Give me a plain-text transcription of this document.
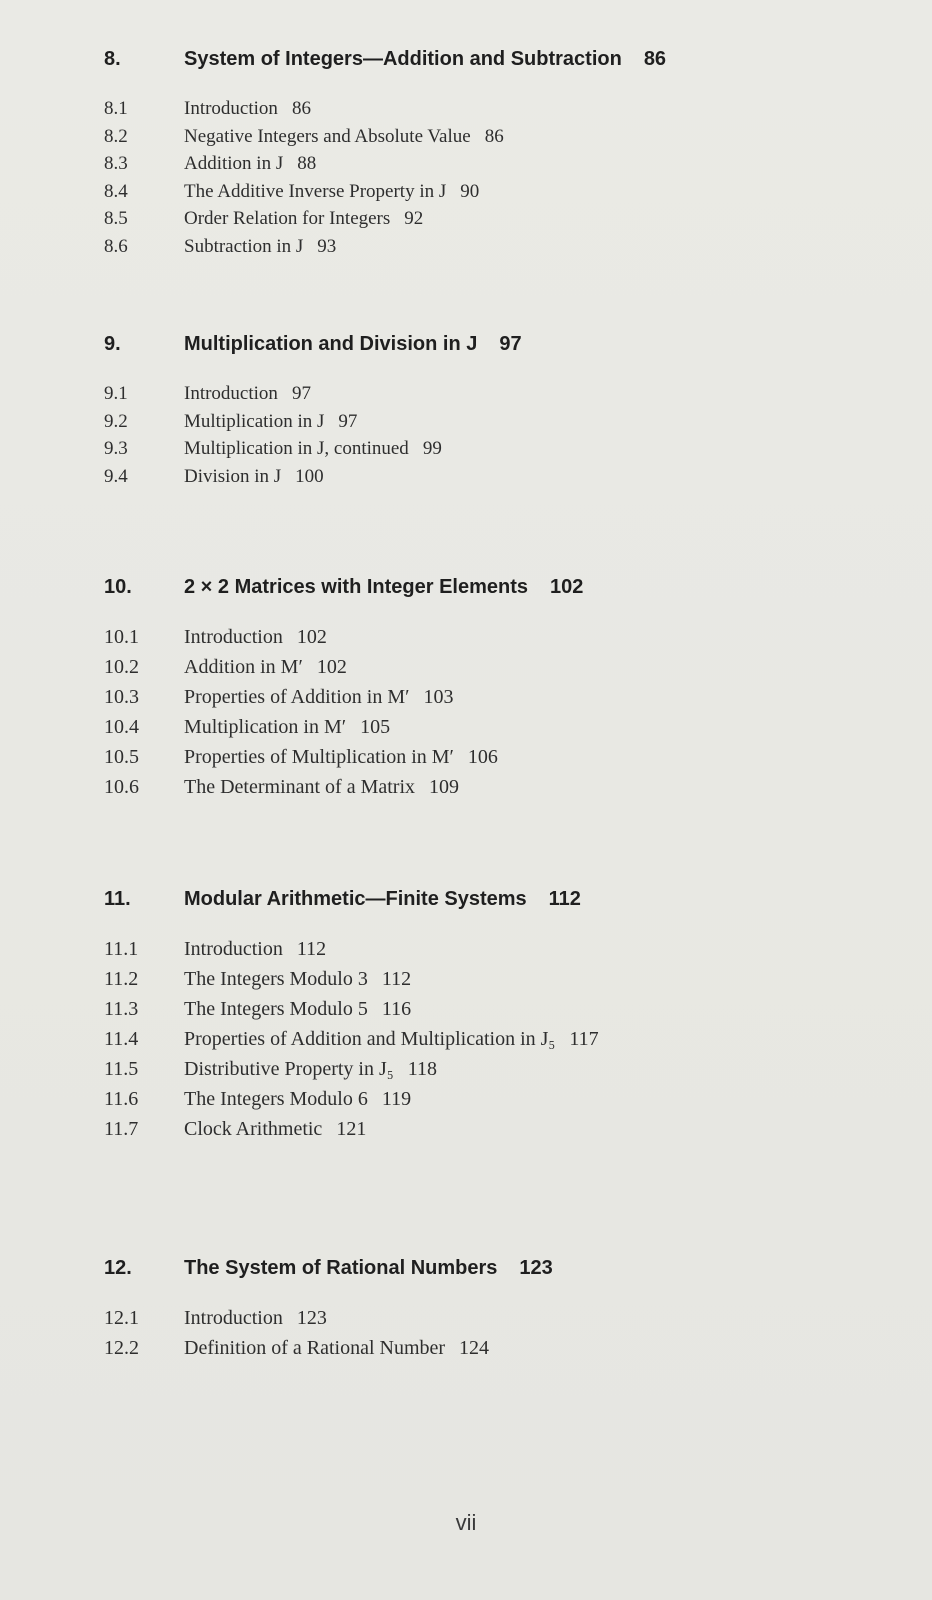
8.	System of Integers—Addition and Subtraction 86
8.1	Introduction 86
8.2	Negative Integers and Absolute Value 86
8.3	Addition in J 88
8.4	The Additive Inverse Property in J 90
8.5	Order Relation for Integers 92
8.6	Subtraction in J 93
9.	Multiplication and Division in J 97
9.1	Introduction 97
9.2	Multiplication in J 97
9.3	Multiplication in J, continued 99
9.4	Division in J 100
10.	2 × 2 Matrices with Integer Elements 102
10.1 Introduction 102
10.2 Addition in M′ 102
10.3 Properties of Addition in M′ 103
10.4 Multiplication in M′ 105
10.5 Properties of Multiplication in M′ 106
10.6 The Determinant of a Matrix 109
11.	Modular Arithmetic—Finite Systems 112
11.1 Introduction 112
11.2 The Integers Modulo 3 112
11.3 The Integers Modulo 5 116
11.4 Properties of Addition and Multiplication in J₅ 117
11.5 Distributive Property in J₅ 118
11.6 The Integers Modulo 6 119
11.7 Clock Arithmetic 121
12.	The System of Rational Numbers 123
12.1 Introduction 123
12.2 Definition of a Rational Number 124
vii
